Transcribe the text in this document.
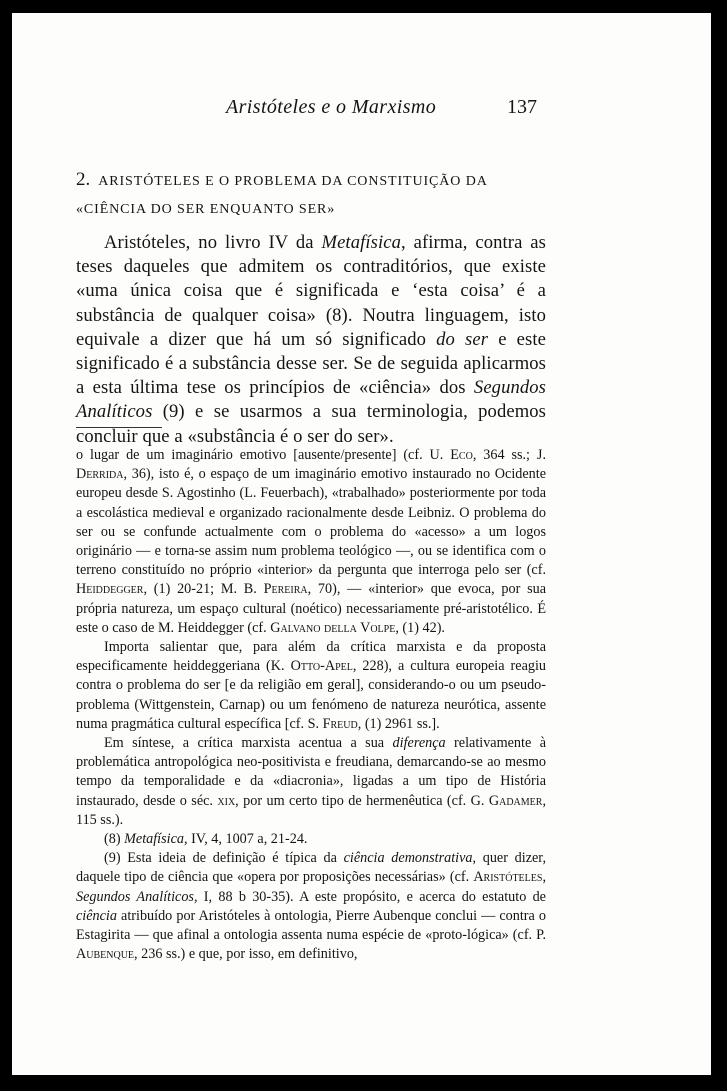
Aristóteles e o Marxismo	137
2. ARISTÓTELES E O PROBLEMA DA CONSTITUIÇÃO DA «CIÊNCIA DO SER ENQUANTO SER»
Aristóteles, no livro IV da Metafísica, afirma, contra as teses daqueles que admitem os contraditórios, que existe «uma única coisa que é significada e ‘esta coisa’ é a substância de qualquer coisa» (8). Noutra linguagem, isto equivale a dizer que há um só significado do ser e este significado é a substância desse ser. Se de seguida aplicarmos a esta última tese os princípios de «ciência» dos Segundos Analíticos (9) e se usarmos a sua terminologia, podemos concluir que a «substância é o ser do ser».

o lugar de um imaginário emotivo [ausente/presente] (cf. U. Eco, 364 ss.; J. Derrida, 36), isto é, o espaço de um imaginário emotivo instaurado no Ocidente europeu desde S. Agostinho (L. Feuerbach), «trabalhado» posteriormente por toda a escolástica medieval e organizado racionalmente desde Leibniz. O problema do ser ou se confunde actualmente com o problema do «acesso» a um logos originário — e torna-se assim num problema teológico —, ou se identifica com o terreno constituído no próprio «interior» da pergunta que interroga pelo ser (cf. Heiddegger, (1) 20-21; M. B. Pereira, 70), — «interior» que evoca, por sua própria natureza, um espaço cultural (noético) necessariamente pré-aristotélico. É este o caso de M. Heiddegger (cf. Galvano della Volpe, (1) 42).

Importa salientar que, para além da crítica marxista e da proposta especificamente heiddeggeriana (K. Otto-Apel, 228), a cultura europeia reagiu contra o problema do ser [e da religião em geral], considerando-o ou um pseudo-problema (Wittgenstein, Carnap) ou um fenómeno de natureza neurótica, assente numa pragmática cultural específica [cf. S. Freud, (1) 2961 ss.].

Em síntese, a crítica marxista acentua a sua diferença relativamente à problemática antropológica neo-positivista e freudiana, demarcando-se ao mesmo tempo da temporalidade e da «diacronia», ligadas a um tipo de História instaurado, desde o séc. xix, por um certo tipo de hermenêutica (cf. G. Gadamer, 115 ss.).

(8) Metafísica, IV, 4, 1007 a, 21-24.

(9) Esta ideia de definição é típica da ciência demonstrativa, quer dizer, daquele tipo de ciência que «opera por proposições necessárias» (cf. Aristóteles, Segundos Analíticos, I, 88 b 30-35). A este propósito, e acerca do estatuto de ciência atribuído por Aristóteles à ontologia, Pierre Aubenque conclui — contra o Estagirita — que afinal a ontologia assenta numa espécie de «proto-lógica» (cf. P. Aubenque, 236 ss.) e que, por isso, em definitivo,
